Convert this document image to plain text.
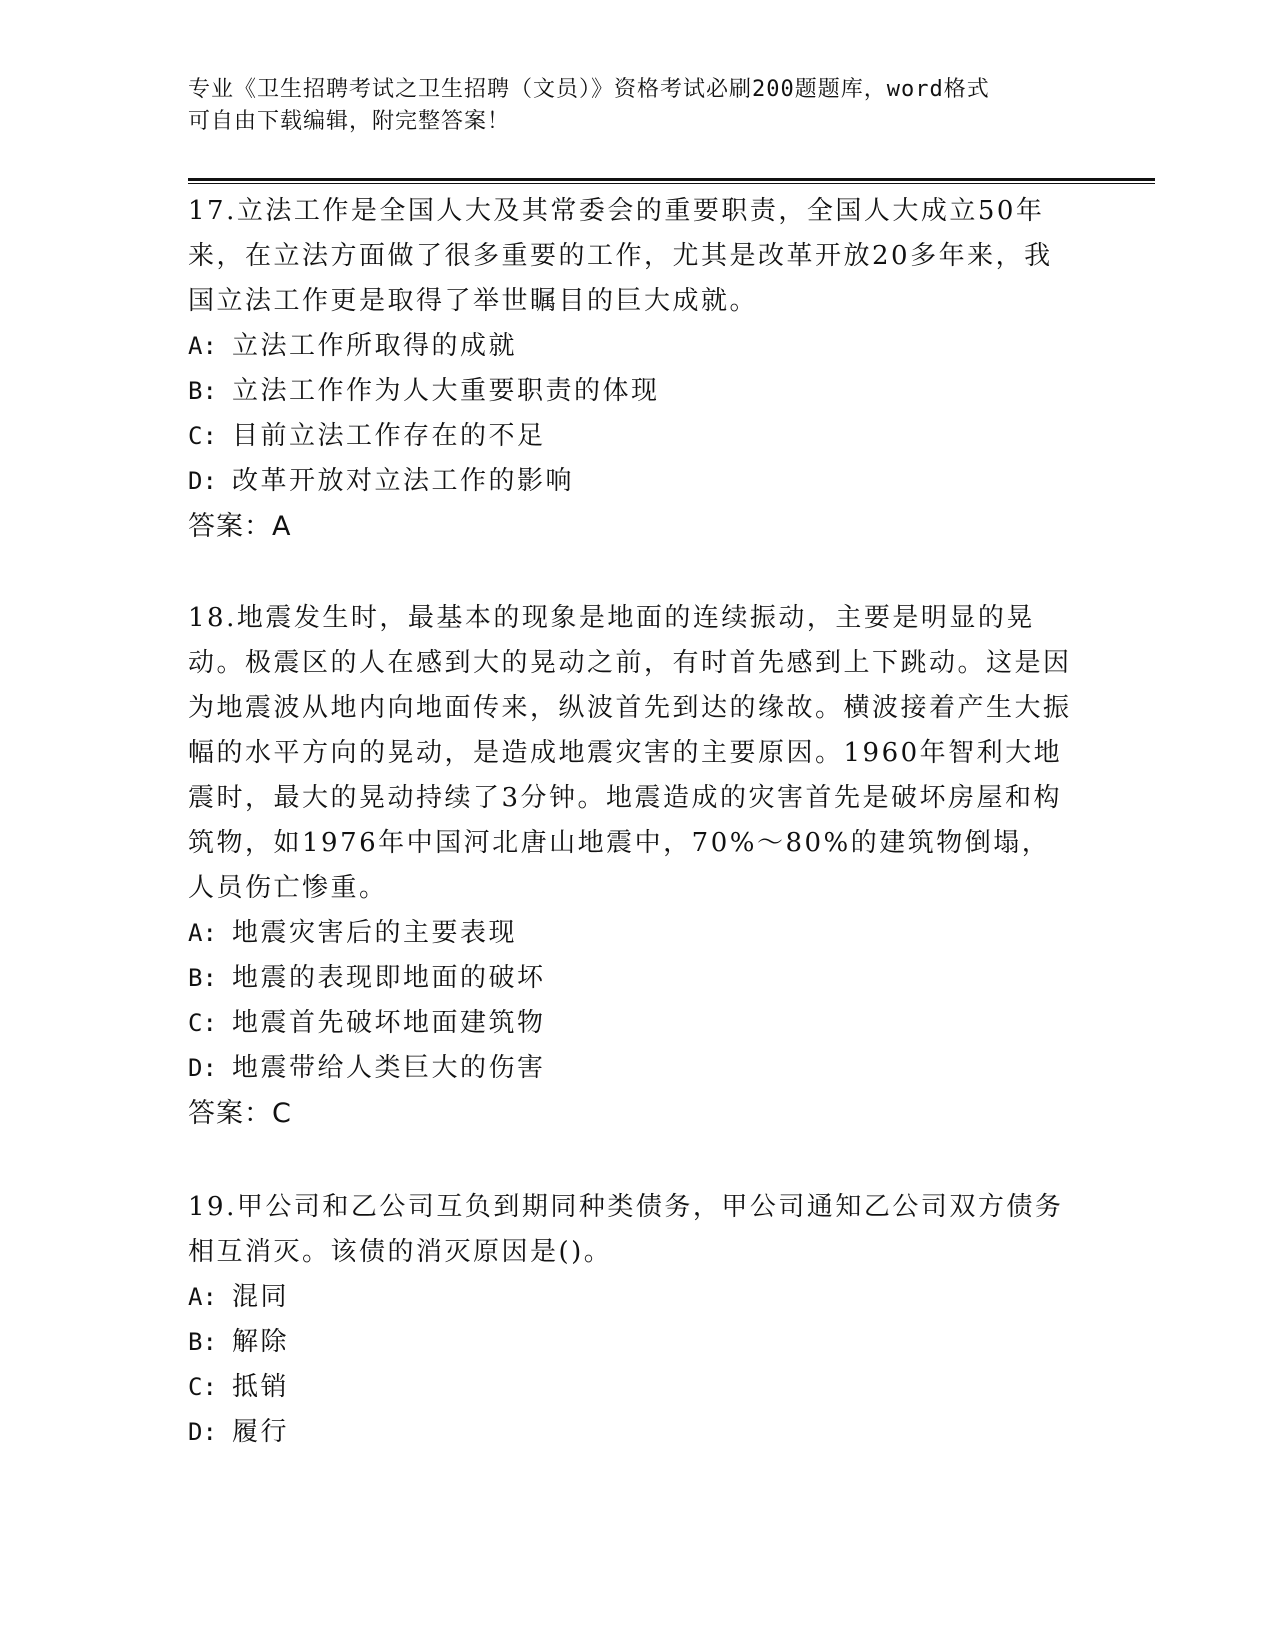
专业《卫生招聘考试之卫生招聘（文员）》资格考试必刷200题题库，word格式
可自由下载编辑，附完整答案！

17.立法工作是全国人大及其常委会的重要职责，全国人大成立50年来，在立法方面做了很多重要的工作，尤其是改革开放20多年来，我国立法工作更是取得了举世瞩目的巨大成就。

A: 立法工作所取得的成就

B: 立法工作作为人大重要职责的体现

C: 目前立法工作存在的不足

D: 改革开放对立法工作的影响

答案：A

18.地震发生时，最基本的现象是地面的连续振动，主要是明显的晃动。极震区的人在感到大的晃动之前，有时首先感到上下跳动。这是因为地震波从地内向地面传来，纵波首先到达的缘故。横波接着产生大振幅的水平方向的晃动，是造成地震灾害的主要原因。1960年智利大地震时，最大的晃动持续了3分钟。地震造成的灾害首先是破坏房屋和构筑物，如1976年中国河北唐山地震中，70%～80%的建筑物倒塌，人员伤亡惨重。

A: 地震灾害后的主要表现

B: 地震的表现即地面的破坏

C: 地震首先破坏地面建筑物

D: 地震带给人类巨大的伤害

答案：C

19.甲公司和乙公司互负到期同种类债务，甲公司通知乙公司双方债务相互消灭。该债的消灭原因是()。

A: 混同

B: 解除

C: 抵销

D: 履行
